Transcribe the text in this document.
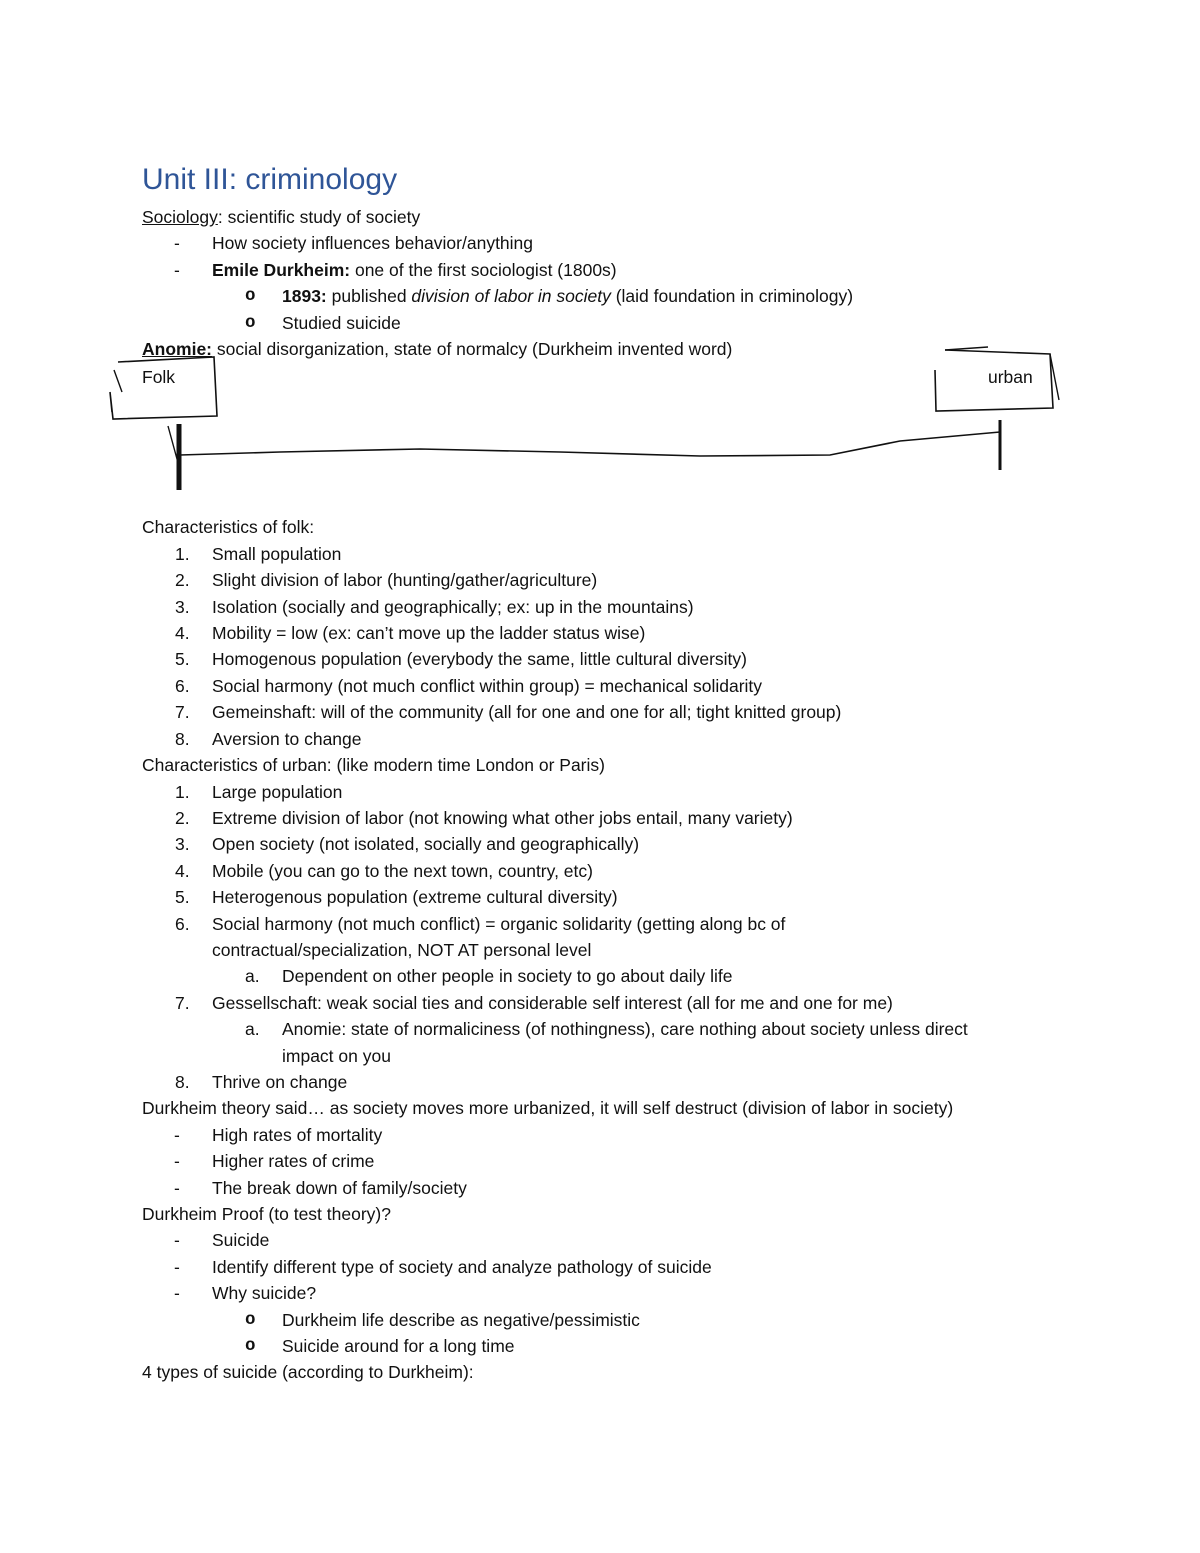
Folk	urban
Unit III: criminology
Sociology: scientific study of society
-	How society influences behavior/anything
-	Emile Durkheim: one of the first sociologist (1800s)
o	1893: published division of labor in society (laid foundation in criminology)
o	Studied suicide
Anomie: social disorganization, state of normalcy (Durkheim invented word)
Characteristics of folk:
1.	Small population
2.	Slight division of labor (hunting/gather/agriculture)
3.	Isolation (socially and geographically; ex: up in the mountains)
4.	Mobility = low (ex: can’t move up the ladder status wise)
5.	Homogenous population (everybody the same, little cultural diversity)
6.	Social harmony (not much conflict within group) = mechanical solidarity
7.	Gemeinshaft: will of the community (all for one and one for all; tight knitted group)
8.	Aversion to change
Characteristics of urban: (like modern time London or Paris)
1.	Large population
2.	Extreme division of labor (not knowing what other jobs entail, many variety)
3.	Open society (not isolated, socially and geographically)
4.	Mobile (you can go to the next town, country, etc)
5.	Heterogenous population (extreme cultural diversity)
6.	Social harmony (not much conflict) = organic solidarity (getting along bc of
contractual/specialization, NOT AT personal level
a.	Dependent on other people in society to go about daily life
7.	Gessellschaft: weak social ties and considerable self interest (all for me and one for me)
a.	Anomie: state of normaliciness (of nothingness), care nothing about society unless direct
impact on you
8.	Thrive on change
Durkheim theory said… as society moves more urbanized, it will self destruct (division of labor in society)
-	High rates of mortality
-	Higher rates of crime
-	The break down of family/society
Durkheim Proof (to test theory)?
-	Suicide
-	Identify different type of society and analyze pathology of suicide
-	Why suicide?
o	Durkheim life describe as negative/pessimistic
o	Suicide around for a long time
4 types of suicide (according to Durkheim):
